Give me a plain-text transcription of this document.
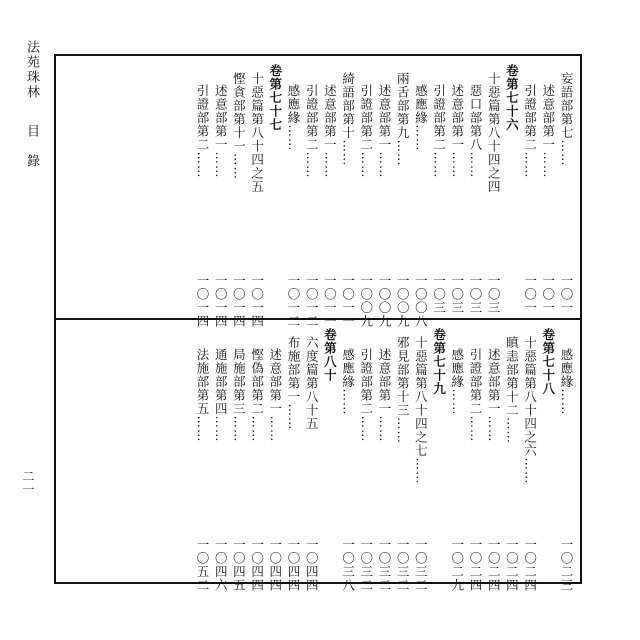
妄語部第七……
一〇一
述意部第一……
一〇一
引證部第二……
一〇一
卷第七十六
十惡篇第八十四之四
一〇三
惡口部第八……
一〇三
述意部第一……
一〇三
引證部第二……
一〇三
感應緣……
一〇〇八
兩舌部第九……
一〇〇九
述意部第一……
一〇〇九
引證部第二……
一〇〇九
綺語部第十……
一〇一一
述意部第一……
一〇一一
引證部第二……
一〇一二
感應緣……
一〇一二
卷第七十七
十惡篇第八十四之五
一〇一四
慳貪部第十一……
一〇一四
述意部第一……
一〇一四
引證部第二……
一〇一四
感應緣……
一〇二三
卷第七十八
十惡篇第八十四之六……
一〇二四
瞋恚部第十二……
一〇二四
述意部第一……
一〇二四
引證部第二……
一〇二四
感應緣……
一〇二九
卷第七十九
十惡篇第八十四之七……
一〇三二
邪見部第十三……
一〇三二
述意部第一……
一〇三二
引證部第二……
一〇三二
感應緣……
一〇三八
卷第八十
六度篇第八十五
一〇四四
布施部第一……
一〇四四
述意部第一……
一〇四四
慳偽部第二……
一〇四四
局施部第三……
一〇四五
通施部第四……
一〇四六
法施部第五……
一〇五二
法苑珠林 目　錄
二一
